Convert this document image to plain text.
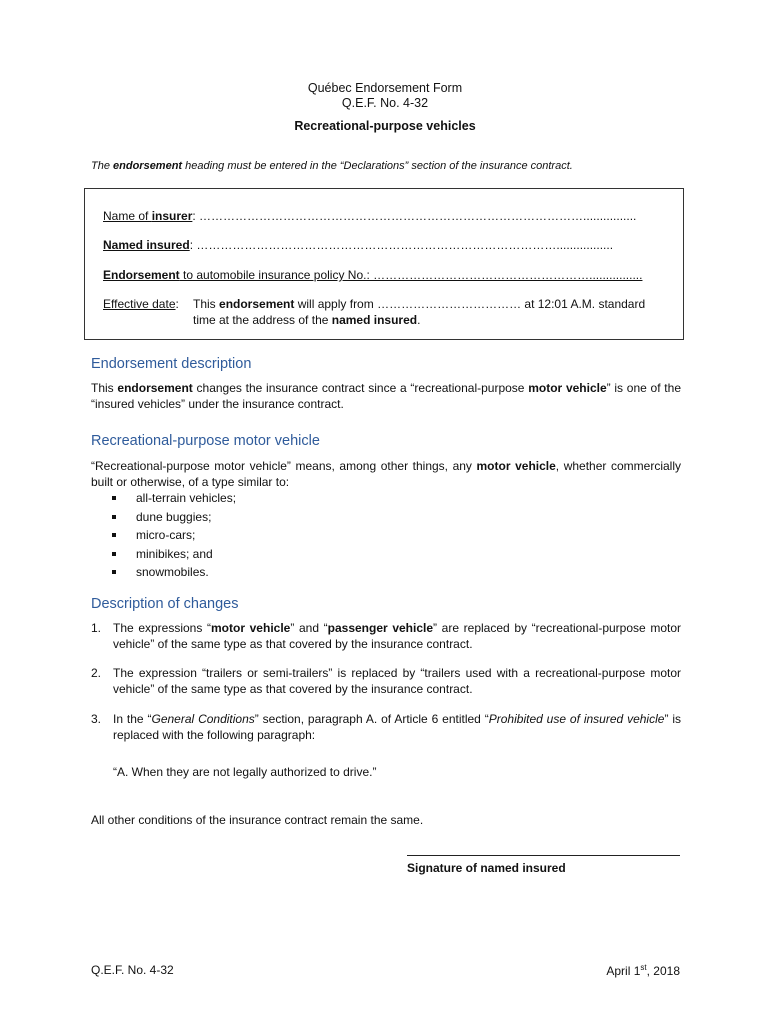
Québec Endorsement Form
Q.E.F. No. 4-32
Recreational-purpose vehicles
The endorsement heading must be entered in the “Declarations” section of the insurance contract.
Name of insurer: ……………………………………………………………………………………................
Named insured: ……………………………………………………………………………….................
Endorsement to automobile insurance policy No.: ………………………………………………................
Effective date: This endorsement will apply from ……………………………… at 12:01 A.M. standard
time at the address of the named insured.
Endorsement description
This endorsement changes the insurance contract since a “recreational-purpose motor vehicle” is one of the “insured vehicles” under the insurance contract.
Recreational-purpose motor vehicle
“Recreational-purpose motor vehicle” means, among other things, any motor vehicle, whether commercially built or otherwise, of a type similar to:
all-terrain vehicles;
dune buggies;
micro-cars;
minibikes; and
snowmobiles.
Description of changes
1. The expressions “motor vehicle” and “passenger vehicle” are replaced by “recreational-purpose motor vehicle” of the same type as that covered by the insurance contract.
2. The expression “trailers or semi-trailers” is replaced by “trailers used with a recreational-purpose motor vehicle” of the same type as that covered by the insurance contract.
3. In the “General Conditions” section, paragraph A. of Article 6 entitled “Prohibited use of insured vehicle” is replaced with the following paragraph:
“A. When they are not legally authorized to drive.”
All other conditions of the insurance contract remain the same.
Signature of named insured
Q.E.F. No. 4-32	April 1st, 2018
